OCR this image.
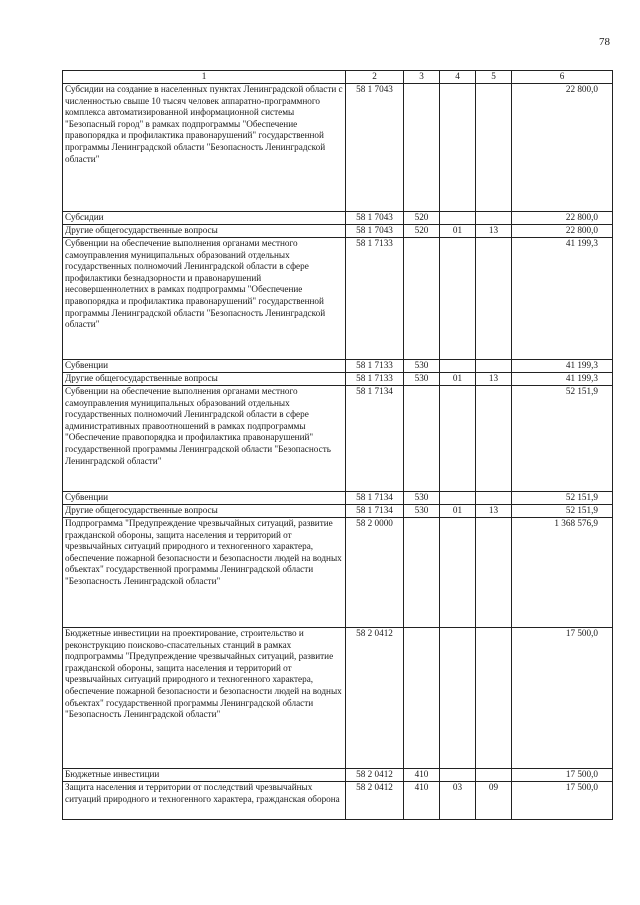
78
1	2	3	4	5	6
Субсидии на создание в населенных пунктах Ленинградской области с численностью свыше 10 тысяч человек аппаратно-программного комплекса автоматизированной информационной системы "Безопасный город" в рамках подпрограммы "Обеспечение правопорядка и профилактика правонарушений" государственной программы Ленинградской области "Безопасность Ленинградской области"	58 1 7043				22 800,0
Субсидии	58 1 7043	520			22 800,0
Другие общегосударственные вопросы	58 1 7043	520	01	13	22 800,0
Субвенции на обеспечение выполнения органами местного самоуправления муниципальных образований отдельных государственных полномочий Ленинградской области в сфере профилактики безнадзорности и правонарушений несовершеннолетних в рамках подпрограммы "Обеспечение правопорядка и профилактика правонарушений" государственной программы Ленинградской области "Безопасность Ленинградской области"	58 1 7133				41 199,3
Субвенции	58 1 7133	530			41 199,3
Другие общегосударственные вопросы	58 1 7133	530	01	13	41 199,3
Субвенции на обеспечение выполнения органами местного самоуправления муниципальных образований отдельных государственных полномочий Ленинградской области в сфере административных правоотношений в рамках подпрограммы "Обеспечение правопорядка и профилактика правонарушений" государственной программы Ленинградской области "Безопасность Ленинградской области"	58 1 7134				52 151,9
Субвенции	58 1 7134	530			52 151,9
Другие общегосударственные вопросы	58 1 7134	530	01	13	52 151,9
Подпрограмма "Предупреждение чрезвычайных ситуаций, развитие гражданской обороны, защита населения и территорий от чрезвычайных ситуаций природного и техногенного характера, обеспечение пожарной безопасности и безопасности людей на водных объектах" государственной программы Ленинградской области "Безопасность Ленинградской области"	58 2 0000				1 368 576,9
Бюджетные инвестиции на проектирование, строительство и реконструкцию поисково-спасательных станций в рамках подпрограммы "Предупреждение чрезвычайных ситуаций, развитие гражданской обороны, защита населения и территорий от чрезвычайных ситуаций природного и техногенного характера, обеспечение пожарной безопасности и безопасности людей на водных объектах" государственной программы Ленинградской области "Безопасность Ленинградской области"	58 2 0412				17 500,0
Бюджетные инвестиции	58 2 0412	410			17 500,0
Защита населения и территории от последствий чрезвычайных ситуаций природного и техногенного характера, гражданская оборона	58 2 0412	410	03	09	17 500,0
